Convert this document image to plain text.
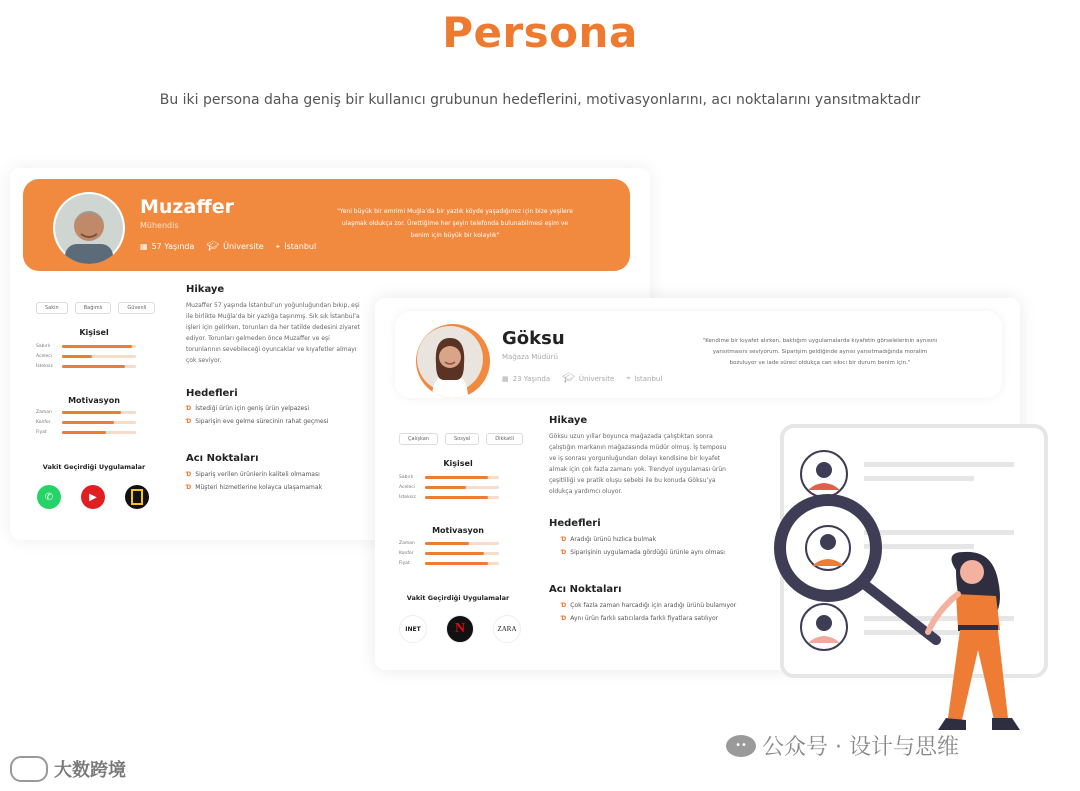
Persona
Bu iki persona daha geniş bir kullanıcı grubunun hedeflerini, motivasyonlarını, acı noktalarını yansıtmaktadır
Muzaffer
Mühendis
▦ 57 Yaşında 🎓︎ Üniversite ⌖ İstanbul
"Yeni büyük bir emrimi Muğla’da bir yazlık köyde yaşadığımız için bize yeşilere ulaşmak oldukça zor. Ürettiğime her şeyin telefonda bulunabilmesi eşim ve benim için büyük bir kolaylık"
Sakin	Bağımlı	Güvenli
Kişisel
Sabırlı
Aceleci
İsteksiz
Motivasyon
Zaman
Konfor
Fiyat
Vakit Geçirdiği Uygulamalar
✆	▶
Hikaye
Muzaffer 57 yaşında İstanbul’un yoğunluğundan bıkıp, eşi ile birlikte Muğla’da bir yazlığa taşınmış. Sık sık İstanbul’a işleri için gelirken, torunları da her tatilde dedesini ziyaret ediyor. Torunları gelmeden önce Muzaffer ve eşi torunlarının sevebileceği oyuncaklar ve kıyafetler almayı çok seviyor.
Hedefleri
Ɗ İstediği ürün için geniş ürün yelpazesi
Ɗ Siparişin eve gelme sürecinin rahat geçmesi
Acı Noktaları
Ɗ Sipariş verilen ürünlerin kaliteli olmaması
Ɗ Müşteri hizmetlerine kolayca ulaşamamak
Göksu
Mağaza Müdürü
▦ 23 Yaşında 🎓︎ Üniversite ⌖ İstanbul
"Kendime bir kıyafet alırken, baktığım uygulamalarda kıyafetin görselelerinin aynısını yansıtmasını seviyorum. Siparişim geldiğinde aynısı yansıtmadığında moralim bozuluyor ve iade süreci oldukça can sıkıcı bir durum benim için."
Çalışkan	Sosyal	Dikkatli
Kişisel
Sabırlı
Aceleci
İsteksiz
Motivasyon
Zaman
Konfor
Fiyat
Vakit Geçirdiği Uygulamalar
INET	N	ZARA
Hikaye
Göksu uzun yıllar boyunca mağazada çalıştıktan sonra çalıştığın markanın mağazasında müdür olmuş. İş temposu ve iş sonrası yorgunluğundan dolayı kendisine bir kıyafet almak için çok fazla zamanı yok. Trendyol uygulaması ürün çeşitliliği ve pratik oluşu sebebi ile bu konuda Göksu’ya oldukça yardımcı oluyor.
Hedefleri
Ɗ Aradığı ürünü hızlıca bulmak
Ɗ Siparişinin uygulamada gördüğü ürünle aynı olması
Acı Noktaları
Ɗ Çok fazla zaman harcadığı için aradığı ürünü bulamıyor
Ɗ Aynı ürün farklı satıcılarda farklı fiyatlara satılıyor
•• 公众号 · 设计与思维
大数跨境
